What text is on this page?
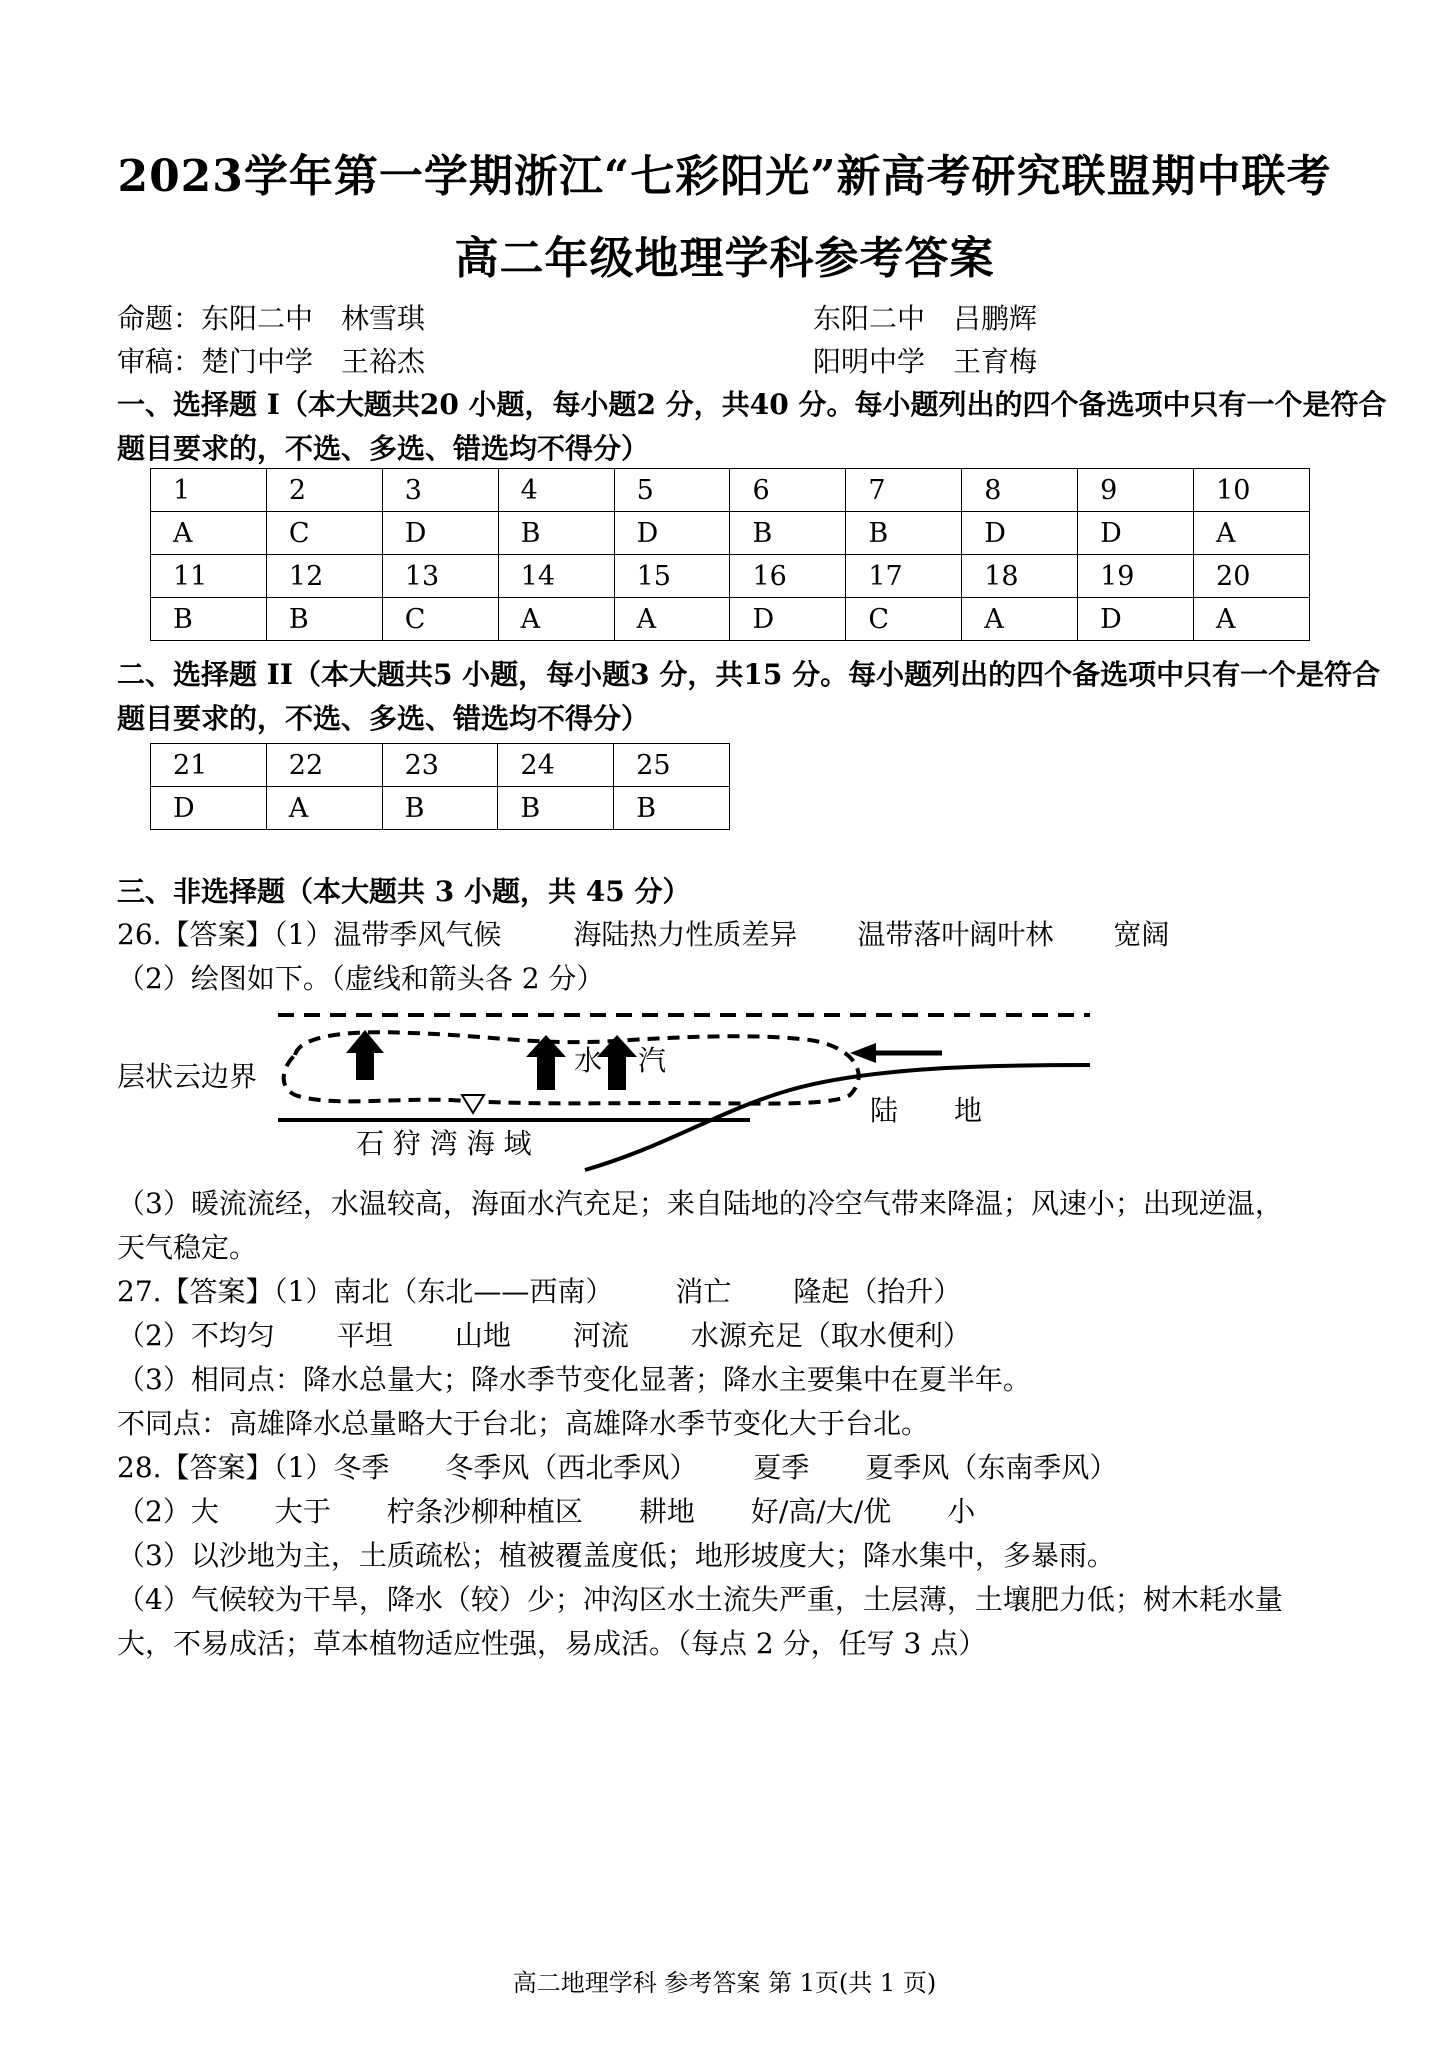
2023学年第一学期浙江“七彩阳光”新高考研究联盟期中联考
高二年级地理学科参考答案
命题：东阳二中　林雪琪	东阳二中　吕鹏辉
审稿：楚门中学　王裕杰	阳明中学　王育梅
一、选择题 I（本大题共20 小题，每小题2 分，共40 分。每小题列出的四个备选项中只有一个是符合
题目要求的，不选、多选、错选均不得分）
1	2	3	4	5	6	7	8	9	10
A	C	D	B	D	B	B	D	D	A
11	12	13	14	15	16	17	18	19	20
B	B	C	A	A	D	C	A	D	A
二、选择题 II（本大题共5 小题，每小题3 分，共15 分。每小题列出的四个备选项中只有一个是符合
题目要求的，不选、多选、错选均不得分）
21	22	23	24	25
D	A	B	B	B
三、非选择题（本大题共 3 小题，共 45 分）
26.【答案】（1）温带季风气候	海陆热力性质差异 温带落叶阔叶林 宽阔
（2）绘图如下。（虚线和箭头各 2 分）
水 汽
石 狩 湾 海 域
陆　　地
层状云边界
（3）暖流流经，水温较高，海面水汽充足；来自陆地的冷空气带来降温；风速小；出现逆温，
天气稳定。
27.【答案】（1）南北（东北——西南） 消亡 隆起（抬升）
（2）不均匀 平坦 山地 河流 水源充足（取水便利）
（3）相同点：降水总量大；降水季节变化显著；降水主要集中在夏半年。
不同点：高雄降水总量略大于台北；高雄降水季节变化大于台北。
28.【答案】（1）冬季 冬季风（西北季风） 夏季 夏季风（东南季风）
（2）大 大于 柠条沙柳种植区 耕地 好/高/大/优 小
（3）以沙地为主，土质疏松；植被覆盖度低；地形坡度大；降水集中，多暴雨。
（4）气候较为干旱，降水（较）少；冲沟区水土流失严重，土层薄，土壤肥力低；树木耗水量
大，不易成活；草本植物适应性强，易成活。（每点 2 分，任写 3 点）
高二地理学科 参考答案 第 1页(共 1 页)
